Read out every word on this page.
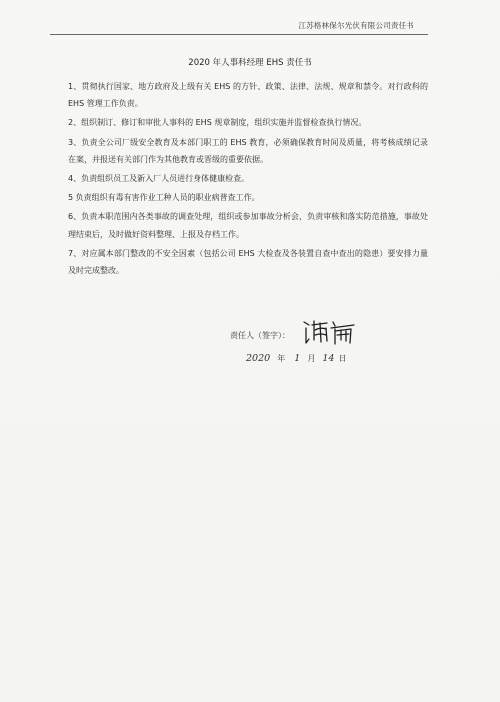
江苏格林保尔光伏有限公司责任书
2020 年人事科经理 EHS 责任书

1、贯彻执行国家、地方政府及上级有关 EHS 的方针、政策、法律、法规、规章和禁令。对行政科的 EHS 管理工作负责。

2、组织制订、修订和审批人事科的 EHS 规章制度，组织实施并监督检查执行情况。

3、负责全公司厂级安全教育及本部门职工的 EHS 教育，必须确保教育时间及质量，将考核成绩记录在案，并报送有关部门作为其他教育或晋级的重要依据。

4、负责组织员工及新入厂人员进行身体健康检查。

5 负责组织有毒有害作业工种人员的职业病普查工作。

6、负责本职范围内各类事故的调查处理，组织或参加事故分析会，负责审核和落实防范措施，事故处理结束后，及时做好资料整理、上报及存档工作。

7、对应属本部门整改的不安全因素（包括公司 EHS 大检查及各装置自查中查出的隐患）要安排力量及时完成整改。

责任人（签字）：
2020 年 1 月 14 日
